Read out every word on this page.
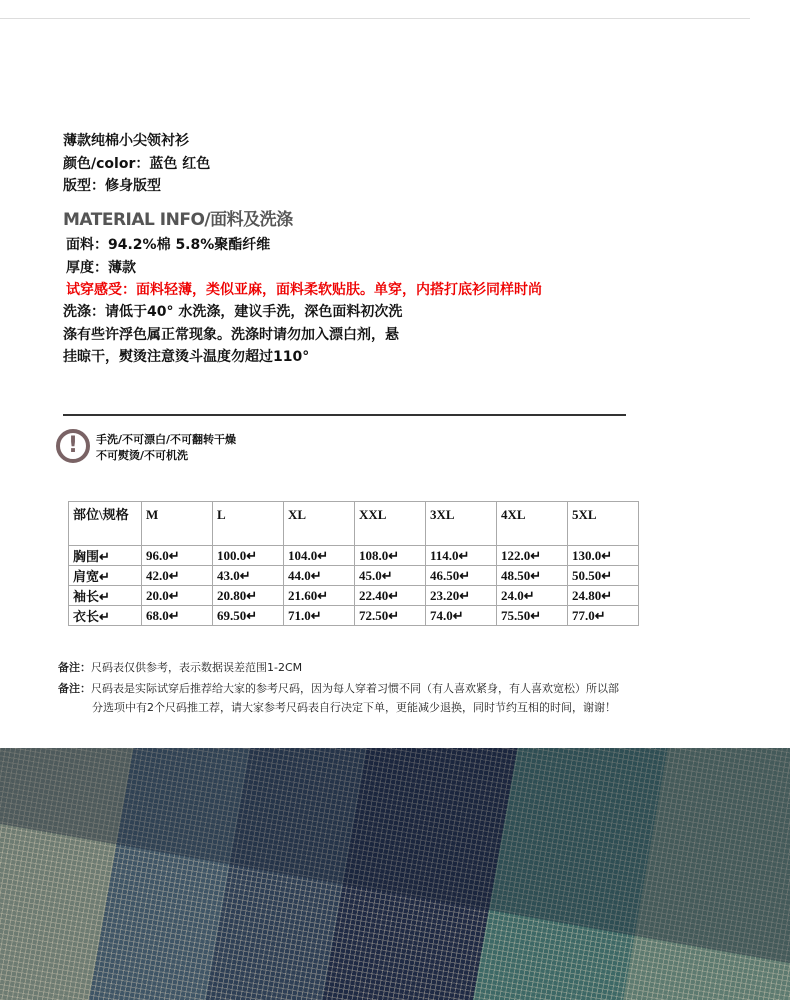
薄款纯棉小尖领衬衫
颜色/color：蓝色 红色
版型：修身版型
MATERIAL INFO/面料及洗涤
面料：94.2%棉 5.8%聚酯纤维
厚度：薄款
试穿感受：面料轻薄，类似亚麻，面料柔软贴肤。单穿，内搭打底衫同样时尚
洗涤：请低于40° 水洗涤，建议手洗，深色面料初次洗
涤有些许浮色属正常现象。洗涤时请勿加入漂白剂，悬
挂晾干，熨烫注意烫斗温度勿超过110°
!	手洗/不可漂白/不可翻转干燥
不可熨烫/不可机洗
部位\规格	M	L	XL	XXL	3XL	4XL	5XL
胸围↵	96.0↵	100.0↵	104.0↵	108.0↵	114.0↵	122.0↵	130.0↵
肩宽↵	42.0↵	43.0↵	44.0↵	45.0↵	46.50↵	48.50↵	50.50↵
袖长↵	20.0↵	20.80↵	21.60↵	22.40↵	23.20↵	24.0↵	24.80↵
衣长↵	68.0↵	69.50↵	71.0↵	72.50↵	74.0↵	75.50↵	77.0↵
备注：尺码表仅供参考，表示数据误差范围1-2CM
备注：尺码表是实际试穿后推荐给大家的参考尺码，因为每人穿着习惯不同（有人喜欢紧身，有人喜欢宽松）所以部
分选项中有2个尺码推工荐，请大家参考尺码表自行决定下单，更能减少退换，同时节约互相的时间，谢谢！
